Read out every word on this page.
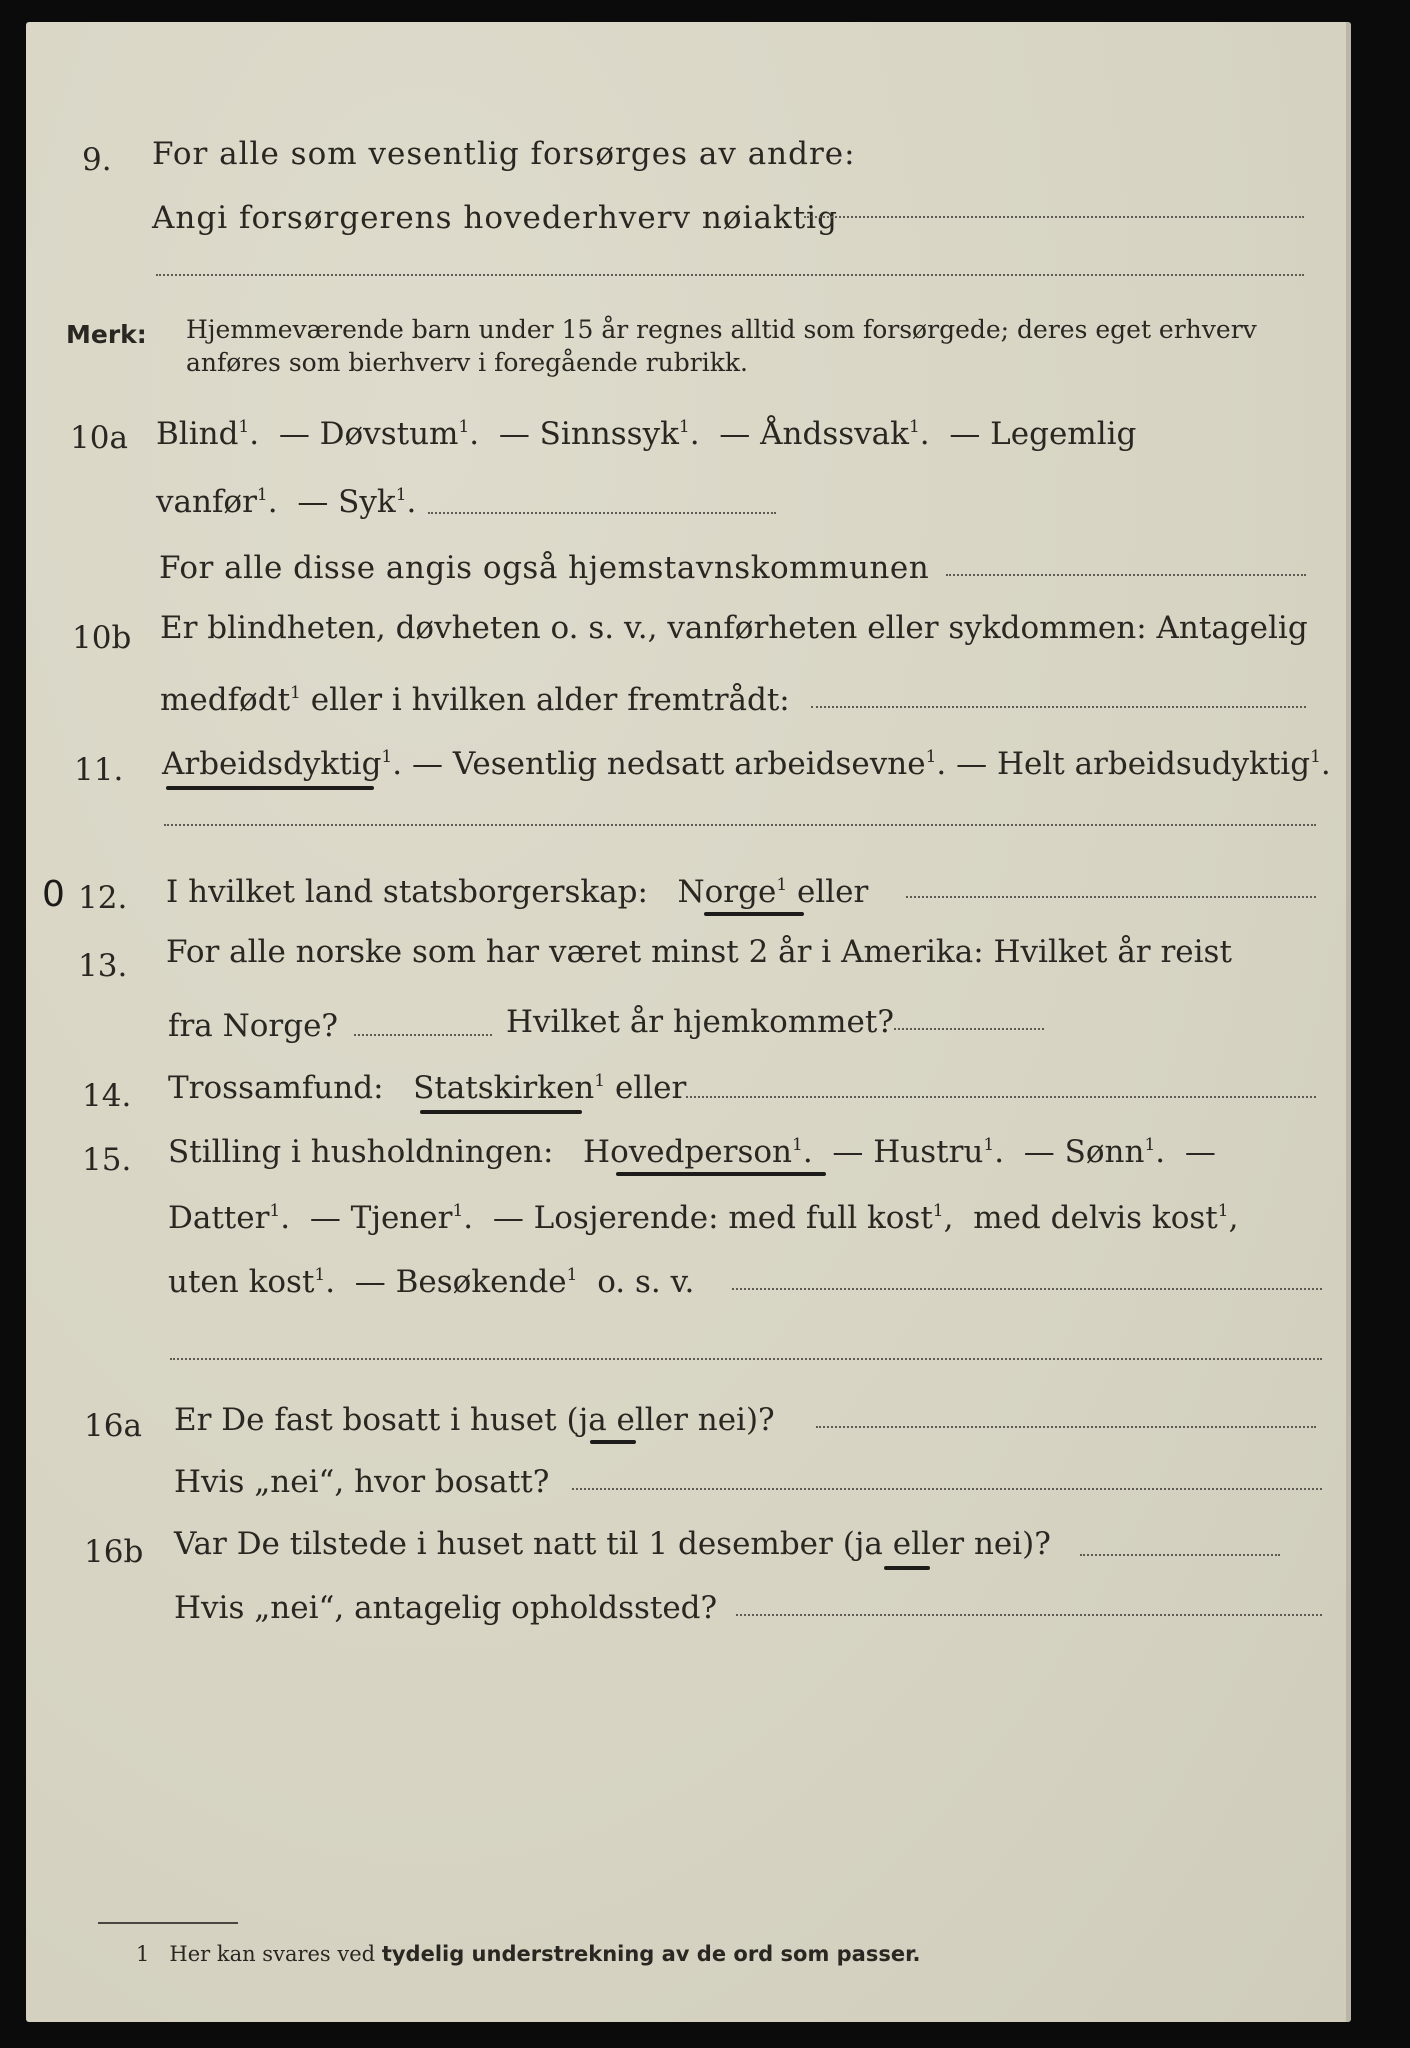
9. For alle som vesentlig forsørges av andre:
Angi forsørgerens hovederhverv nøiaktig
Merk: Hjemmeværende barn under 15 år regnes alltid som forsørgede; deres eget erhverv
anføres som bierhverv i foregående rubrikk.
10a Blind$^1$.  — Døvstum$^1$.  — Sinnssyk$^1$.  — Åndssvak$^1$.  — Legemlig
vanfør$^1$.  — Syk$^1$.
For alle disse angis også hjemstavnskommunen
10b Er blindheten, døvheten o. s. v., vanførheten eller sykdommen: Antagelig
medfødt$^1$ eller i hvilken alder fremtrådt:
11. Arbeidsdyktig$^1$. — Vesentlig nedsatt arbeidsevne$^1$. — Helt arbeidsudyktig$^1$.
0 12. I hvilket land statsborgerskap: Norge$^1$ eller
13. For alle norske som har været minst 2 år i Amerika: Hvilket år reist
fra Norge?	Hvilket år hjemkommet?
14. Trossamfund: Statskirken$^1$ eller
15. Stilling i husholdningen: Hovedperson$^1$.  — Hustru$^1$.  — Sønn$^1$.  —
Datter$^1$.  — Tjener$^1$.  — Losjerende: med full kost$^1$,  med delvis kost$^1$,
uten kost$^1$.  — Besøkende$^1$ o. s. v.
16a Er De fast bosatt i huset (ja eller nei)?
Hvis „nei“, hvor bosatt?
16b Var De tilstede i huset natt til 1 desember (ja eller nei)?
Hvis „nei“, antagelig opholdssted?
1 Her kan svares ved tydelig understrekning av de ord som passer.
